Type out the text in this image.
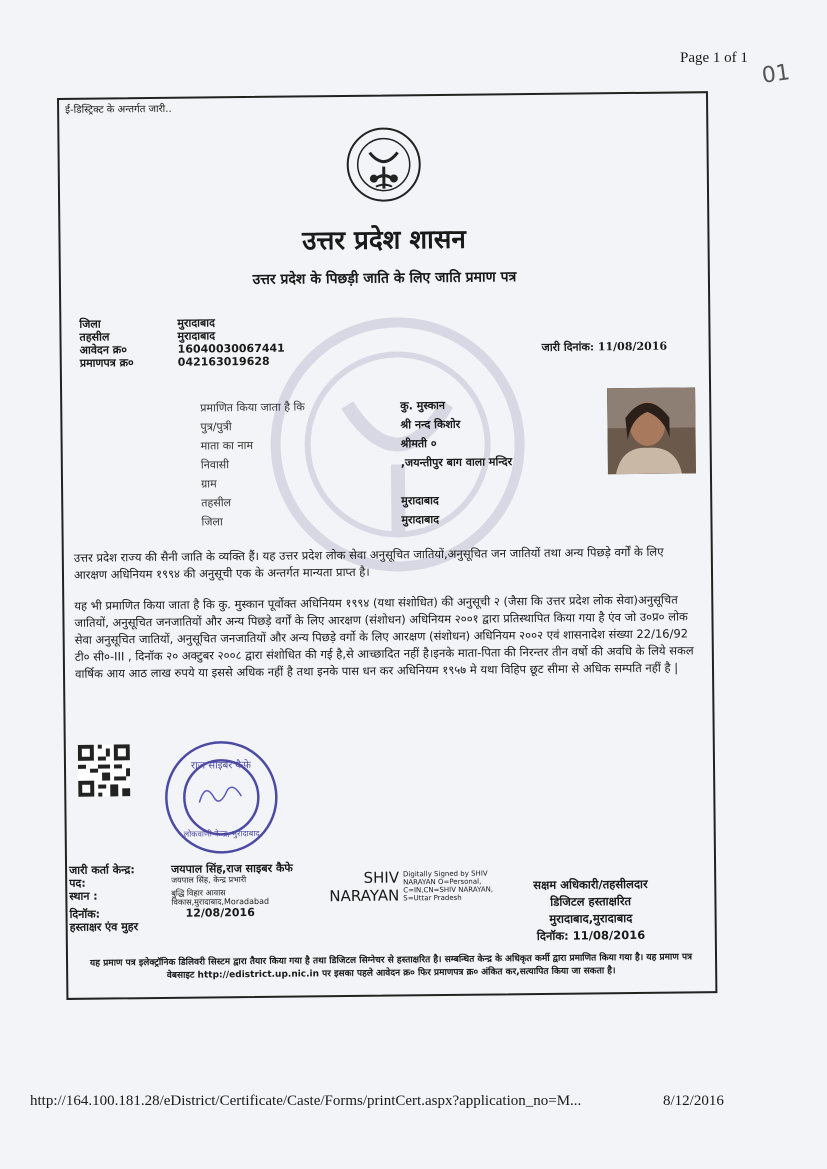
Page 1 of 1
01
ई-डिस्ट्रिक्ट के अन्तर्गत जारी..
उत्तर प्रदेश शासन
उत्तर प्रदेश के पिछड़ी जाति के लिए जाति प्रमाण पत्र
जिला	मुरादाबाद
तहसील	मुरादाबाद
आवेदन क्र०	16040030067441
प्रमाणपत्र क्र०	042163019628
जारी दिनांक: 11/08/2016
प्रमाणित किया जाता है कि	कु. मुस्कान
पुत्र/पुत्री	श्री नन्द किशोर
माता का नाम	श्रीमती ०
निवासी	,जयन्तीपुर बाग वाला मन्दिर
ग्राम
तहसील	मुरादाबाद
जिला	मुरादाबाद
उत्तर प्रदेश राज्य की सैनी जाति के व्यक्ति हैं। यह उत्तर प्रदेश लोक सेवा अनुसूचित जातियों,अनुसूचित जन जातियों तथा अन्य पिछड़े वर्गों के लिए आरक्षण अधिनियम १९९४ की अनुसूची एक के अन्तर्गत मान्यता प्राप्त है।
यह भी प्रमाणित किया जाता है कि कु. मुस्कान पूर्वोक्त अधिनियम १९९४ (यथा संशोधित) की अनुसूची २ (जैसा कि उत्तर प्रदेश लोक सेवा)अनुसूचित जातियों, अनुसूचित जनजातियों और अन्य पिछड़े वर्गों के लिए आरक्षण (संशोधन) अधिनियम २००१ द्वारा प्रतिस्थापित किया गया है एंव जो उ०प्र० लोक सेवा अनुसूचित जातियों, अनुसूचित जनजातियों और अन्य पिछड़े वर्गो के लिए आरक्षण (संशोधन) अधिनियम २००२ एवं शासनादेश संख्या 22/16/92 टी० सी०-III , दिनॉक २० अक्टुबर २००८ द्वारा संशोधित की गई है,से आच्छादित नहीं है।इनके माता-पिता की निरन्तर तीन वर्षो की अवधि के लिये सकल वार्षिक आय आठ लाख रुपये या इससे अधिक नहीं है तथा इनके पास धन कर अधिनियम १९५७ मे यथा विहिप छूट सीमा से अधिक सम्पति नहीं है |
राज साइबर कैफे
लोकवाणी केन्द्र, मुरादाबाद
जारी कर्ता केन्द्र:	जयपाल सिंह,राज साइबर कैफे
पद:	जयपाल सिंह, केन्द्र प्रभारी
स्थान :	बुद्धि विहार आवास
विकास,मुरादाबाद,Moradabad
दिनॉक:	12/08/2016
हस्ताक्षर एंव मुहर
SHIV
NARAYAN
Digitally Signed by SHIV NARAYAN O=Personal, C=IN,CN=SHIV NARAYAN, S=Uttar Pradesh
सक्षम अधिकारी/तहसीलदार
डिजिटल हस्ताक्षरित
मुरादाबाद,मुरादाबाद
दिनॉक: 11/08/2016
यह प्रमाण पत्र इलेक्ट्रॉनिक डिलिवरी सिस्टम द्वारा तैयार किया गया है तथा डिजिटल सिग्नेचर से हस्ताक्षरित है। सम्बन्धित केन्द्र के अधिकृत कर्मी द्वारा प्रमाणित किया गया है। यह प्रमाण पत्र वेबसाइट http://edistrict.up.nic.in पर इसका पहले आवेदन क्र० फिर प्रमाणपत्र क्र० अंकित कर,सत्यापित किया जा सकता है।
http://164.100.181.28/eDistrict/Certificate/Caste/Forms/printCert.aspx?application_no=M...	8/12/2016
